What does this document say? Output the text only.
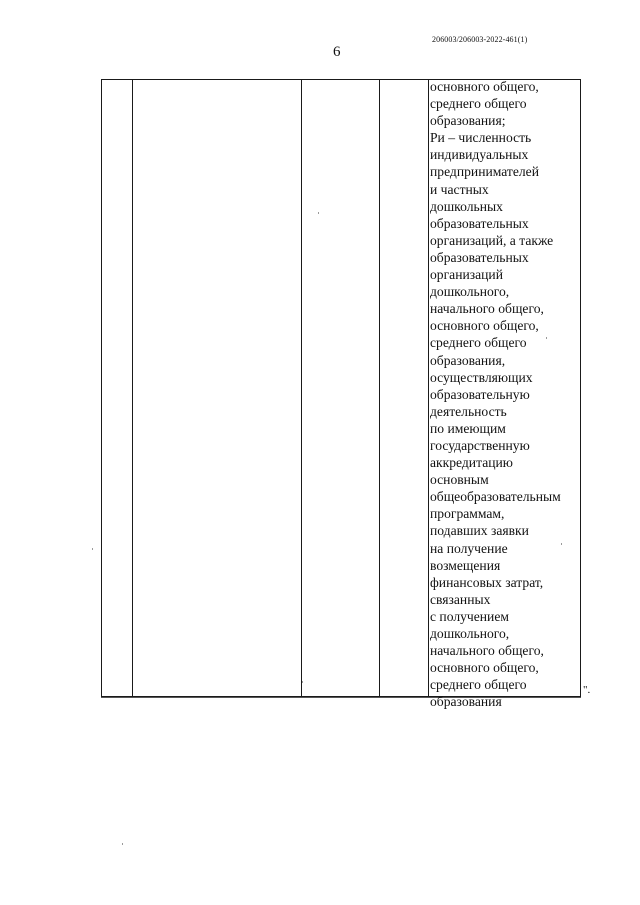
206003/206003-2022-461(1)
6
основного общего,
среднего общего
образования;
Ри – численность
индивидуальных
предпринимателей
и частных
дошкольных
образовательных
организаций, а также
образовательных
организаций
дошкольного,
начального общего,
основного общего,
среднего общего
образования,
осуществляющих
образовательную
деятельность
по имеющим
государственную
аккредитацию
основным
общеобразовательным
программам,
подавших заявки
на получение
возмещения
финансовых затрат,
связанных
с получением
дошкольного,
начального общего,
основного общего,
среднего общего
образования
".
